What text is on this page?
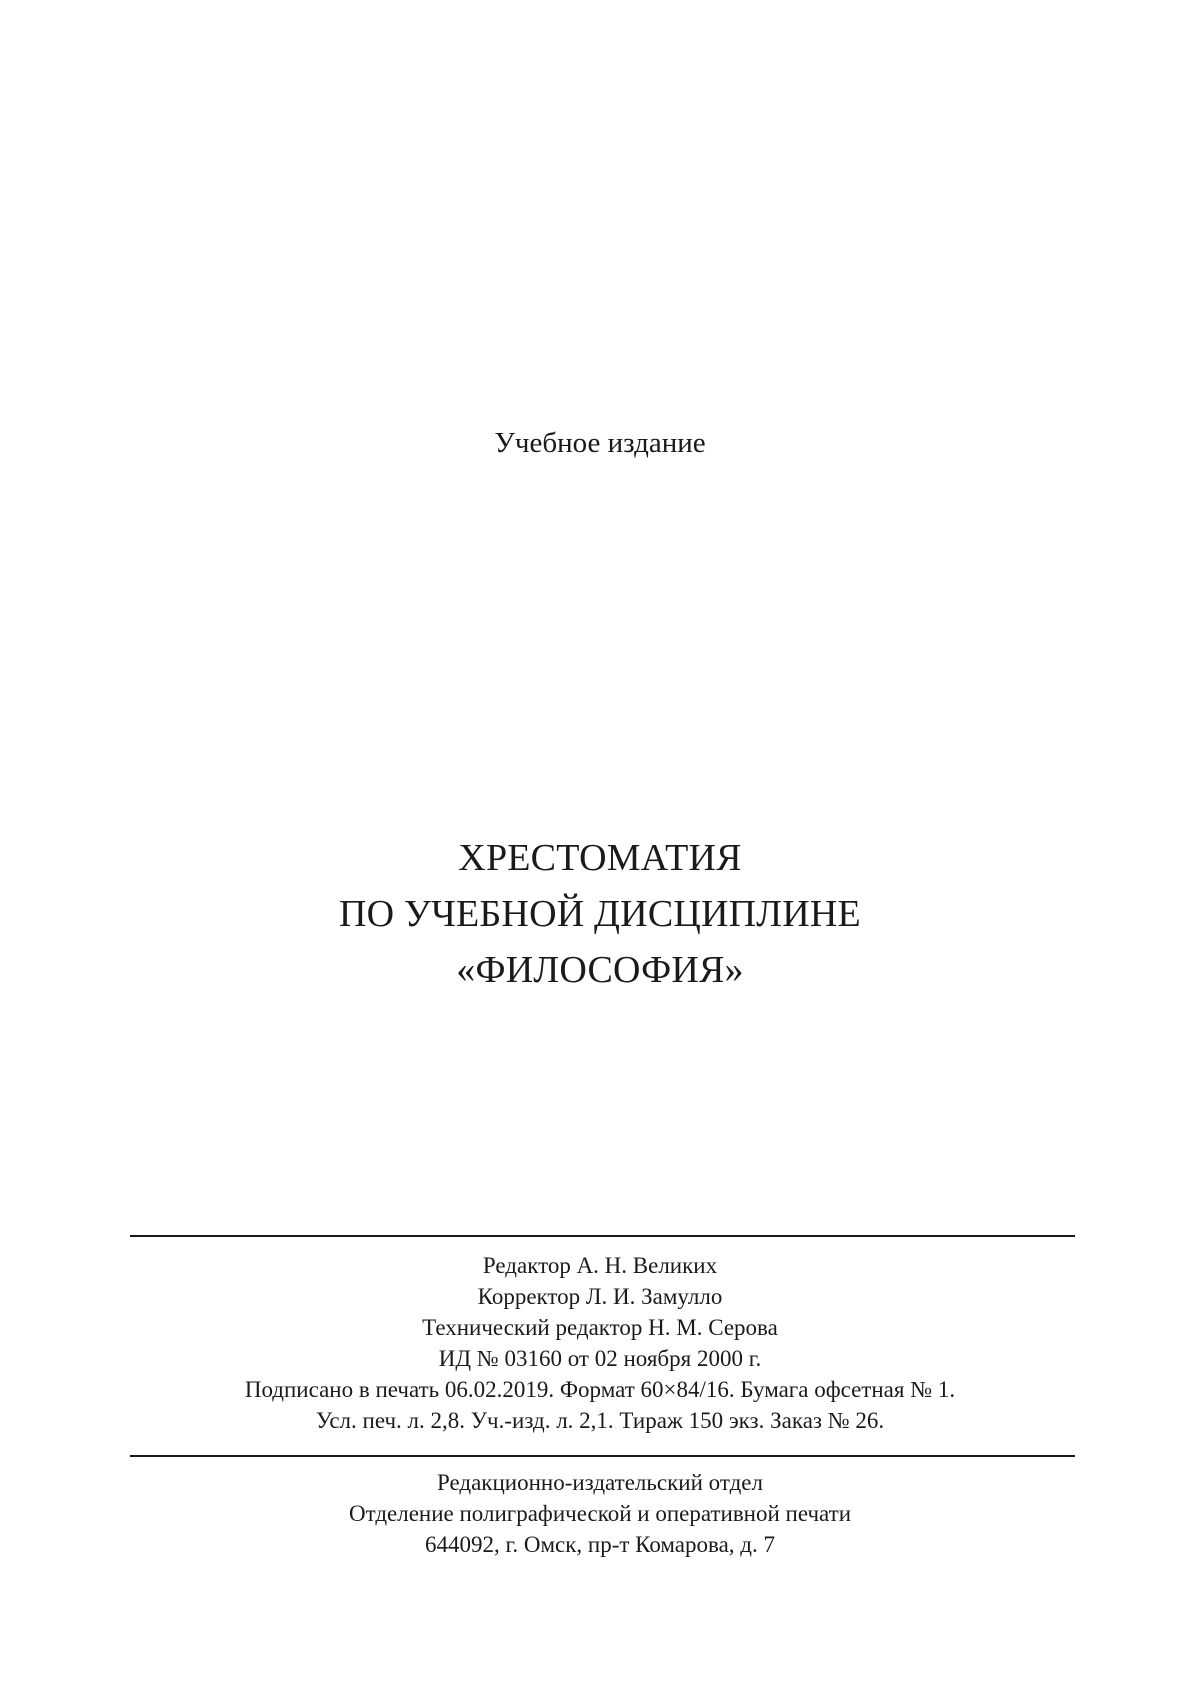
Учебное издание
ХРЕСТОМАТИЯ
ПО УЧЕБНОЙ ДИСЦИПЛИНЕ
«ФИЛОСОФИЯ»
Редактор А. Н. Великих
Корректор Л. И. Замулло
Технический редактор Н. М. Серова
ИД № 03160 от 02 ноября 2000 г.
Подписано в печать 06.02.2019. Формат 60×84/16. Бумага офсетная № 1.
Усл. печ. л. 2,8. Уч.-изд. л. 2,1. Тираж 150 экз. Заказ № 26.
Редакционно-издательский отдел
Отделение полиграфической и оперативной печати
644092, г. Омск, пр-т Комарова, д. 7
